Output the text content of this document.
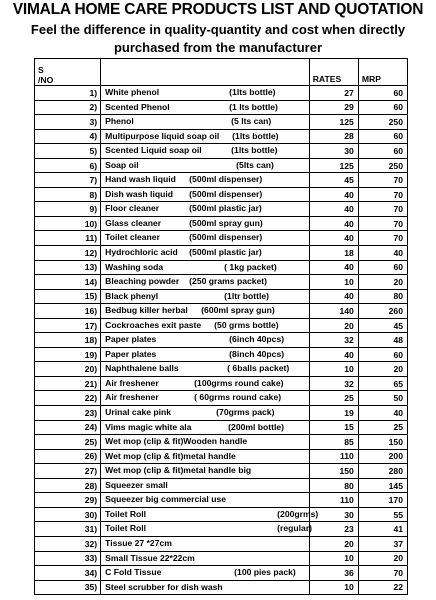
VIMALA HOME CARE PRODUCTS LIST AND QUOTATION
Feel the difference in quality-quantity and cost when directly purchased from the manufacturer
S
/NO		RATES	MRP
1)	White phenol (1lts bottle)	27	60
2)	Scented Phenol (1 lts bottle)	29	60
3)	Phenol (5 lts can)	125	250
4)	Multipurpose liquid soap oil (1lts bottle)	28	60
5)	Scented Liquid soap oil (1lts bottle)	30	60
6)	Soap oil (5lts can)	125	250
7)	Hand wash liquid (500ml dispenser)	45	70
8)	Dish wash liquid (500ml dispenser)	40	70
9)	Floor cleaner (500ml plastic jar)	40	70
10)	Glass cleaner (500ml spray gun)	40	70
11)	Toilet cleaner (500ml dispenser)	40	70
12)	Hydrochloric acid (500ml plastic jar)	18	40
13)	Washing soda ( 1kg packet)	40	60
14)	Bleaching powder (250 grams packet)	10	20
15)	Black phenyl (1ltr bottle)	40	80
16)	Bedbug killer herbal (600ml spray gun)	140	260
17)	Cockroaches exit paste (50 grms bottle)	20	45
18)	Paper plates (6inch 40pcs)	32	48
19)	Paper plates (8inch 40pcs)	40	60
20)	Naphthalene balls ( 6balls packet)	10	20
21)	Air freshener (100grms round cake)	32	65
22)	Air freshener ( 60grms round cake)	25	50
23)	Urinal cake pink (70grms pack)	19	40
24)	Vims magic white ala (200ml bottle)	15	25
25)	Wet mop (clip & fit)Wooden handle	85	150
26)	Wet mop (clip & fit)metal handle	110	200
27)	Wet mop (clip & fit)metal handle big	150	280
28)	Squeezer small	80	145
29)	Squeezer big commercial use	110	170
30)	Toilet Roll (200grms)	30	55
31)	Toilet Roll (regular)	23	41
32)	Tissue 27 *27cm	20	37
33)	Small Tissue 22*22cm	10	20
34)	C Fold Tissue (100 pies pack)	36	70
35)	Steel scrubber for dish wash	10	22
